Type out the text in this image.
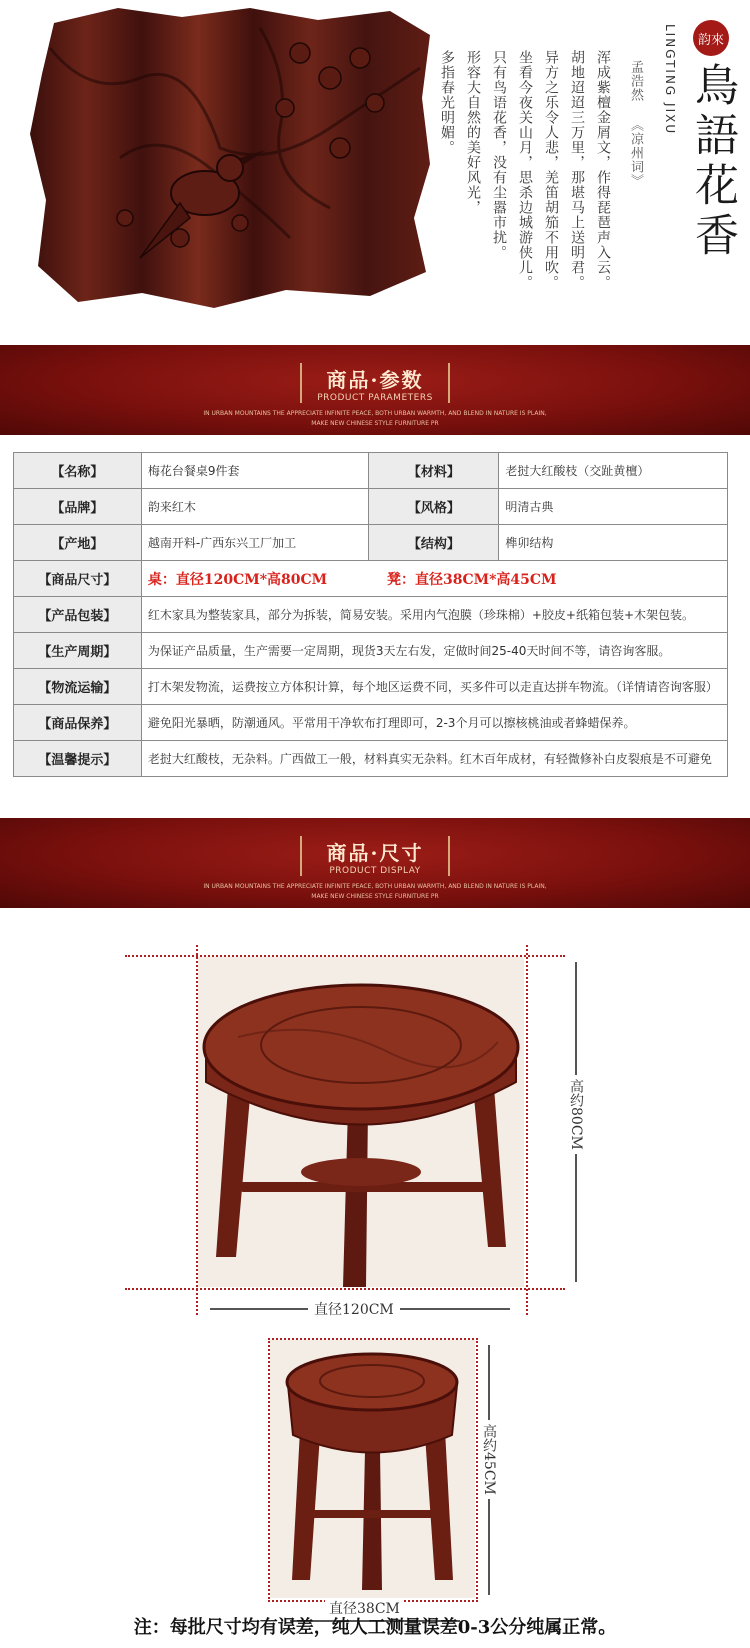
韵來
LINGTING JIXU 鳥語花香
孟浩然
《凉州词》
浑成紫檀金屑文，作得琵琶声入云。
胡地迢迢三万里，那堪马上送明君。
异方之乐令人悲，羌笛胡笳不用吹。
坐看今夜关山月，思杀边城游侠儿。
只有鸟语花香，没有尘嚣市扰。
形容大自然的美好风光，
多指春光明媚。
商品·参数
PRODUCT PARAMETERS
IN URBAN MOUNTAINS THE APPRECIATE INFINITE PEACE, BOTH URBAN WARMTH, AND BLEND IN NATURE IS PLAIN, MAKE NEW CHINESE STYLE FURNITURE PR
【名称】	梅花台餐桌9件套	【材料】	老挝大红酸枝（交趾黄檀）
【品牌】	韵来红木	【风格】	明清古典
【产地】	越南开料-广西东兴工厂加工	【结构】	榫卯结构
【商品尺寸】	桌：直径120CM*高80CM 凳：直径38CM*高45CM		
【产品包装】	红木家具为整装家具，部分为拆装，简易安装。采用内气泡膜（珍珠棉）+胶皮+纸箱包装+木架包装。		
【生产周期】	为保证产品质量，生产需要一定周期，现货3天左右发，定做时间25-40天时间不等，请咨询客服。		
【物流运输】	打木架发物流，运费按立方体积计算，每个地区运费不同，买多件可以走直达拼车物流。（详情请咨询客服）		
【商品保养】	避免阳光暴晒，防潮通风。平常用干净软布打理即可，2-3个月可以擦核桃油或者蜂蜡保养。		
【温馨提示】	老挝大红酸枝，无杂料。广西做工一般，材料真实无杂料。红木百年成材，有轻微修补白皮裂痕是不可避免		
商品·尺寸
PRODUCT DISPLAY
IN URBAN MOUNTAINS THE APPRECIATE INFINITE PEACE, BOTH URBAN WARMTH, AND BLEND IN NATURE IS PLAIN, MAKE NEW CHINESE STYLE FURNITURE PR
高约80CM
直径120CM
高约45CM
直径38CM
注：每批尺寸均有误差，纯人工测量误差0-3公分纯属正常。
